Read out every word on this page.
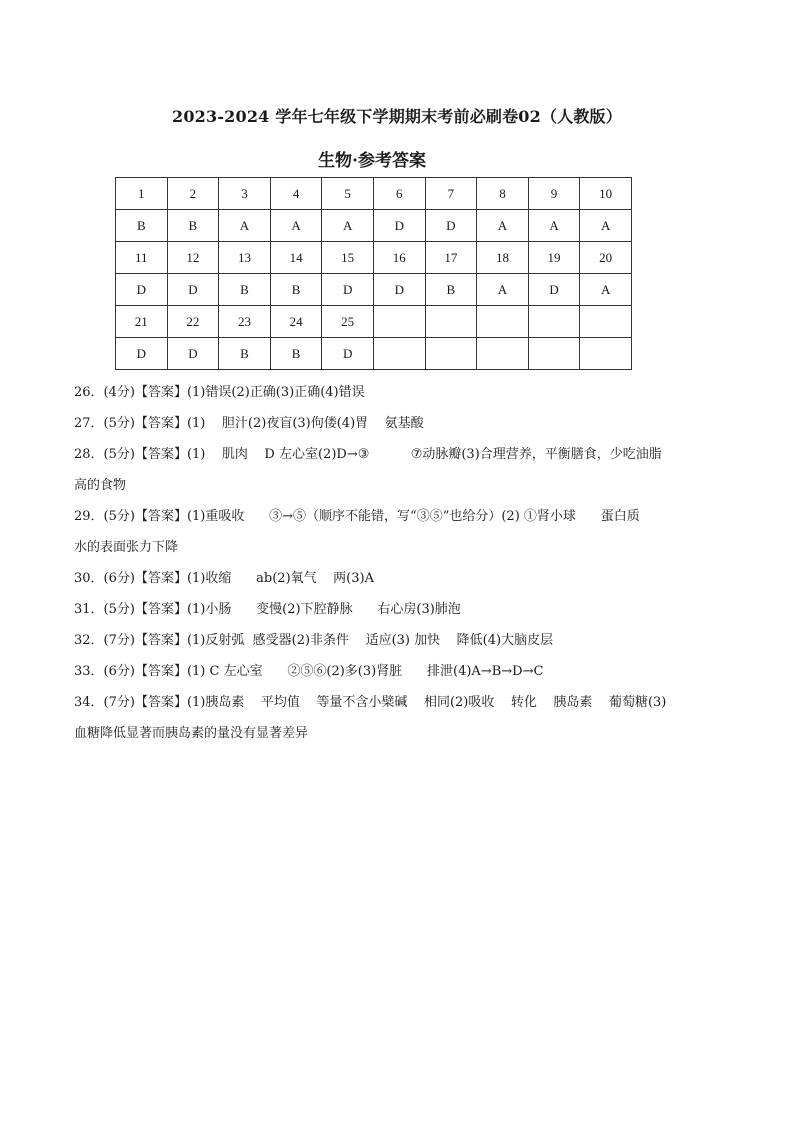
2023-2024 学年七年级下学期期末考前必刷卷02（人教版）
生物·参考答案
1	2	3	4	5	6	7	8	9	10
B	B	A	A	A	D	D	A	A	A
11	12	13	14	15	16	17	18	19	20
D	D	B	B	D	D	B	A	D	A
21	22	23	24	25					
D	D	B	B	D					
26．(4分)【答案】(1)错误(2)正确(3)正确(4)错误
27．(5分)【答案】(1)    胆汁(2)夜盲(3)佝偻(4)胃    氨基酸
28．(5分)【答案】(1)    肌肉    D 左心室(2)D→③          ⑦动脉瓣(3)合理营养，平衡膳食，少吃油脂
高的食物
29．(5分)【答案】(1)重吸收      ③→⑤（顺序不能错，写“③⑤”也给分）(2) ①肾小球      蛋白质
水的表面张力下降
30．(6分)【答案】(1)收缩      ab(2)氧气    两(3)A
31．(5分)【答案】(1)小肠      变慢(2)下腔静脉      右心房(3)肺泡
32．(7分)【答案】(1)反射弧  感受器(2)非条件    适应(3) 加快    降低(4)大脑皮层
33．(6分)【答案】(1) C 左心室      ②⑤⑥(2)多(3)肾脏      排泄(4)A→B→D→C
34．(7分)【答案】(1)胰岛素    平均值    等量不含小檗碱    相同(2)吸收    转化    胰岛素    葡萄糖(3)
血糖降低显著而胰岛素的量没有显著差异
